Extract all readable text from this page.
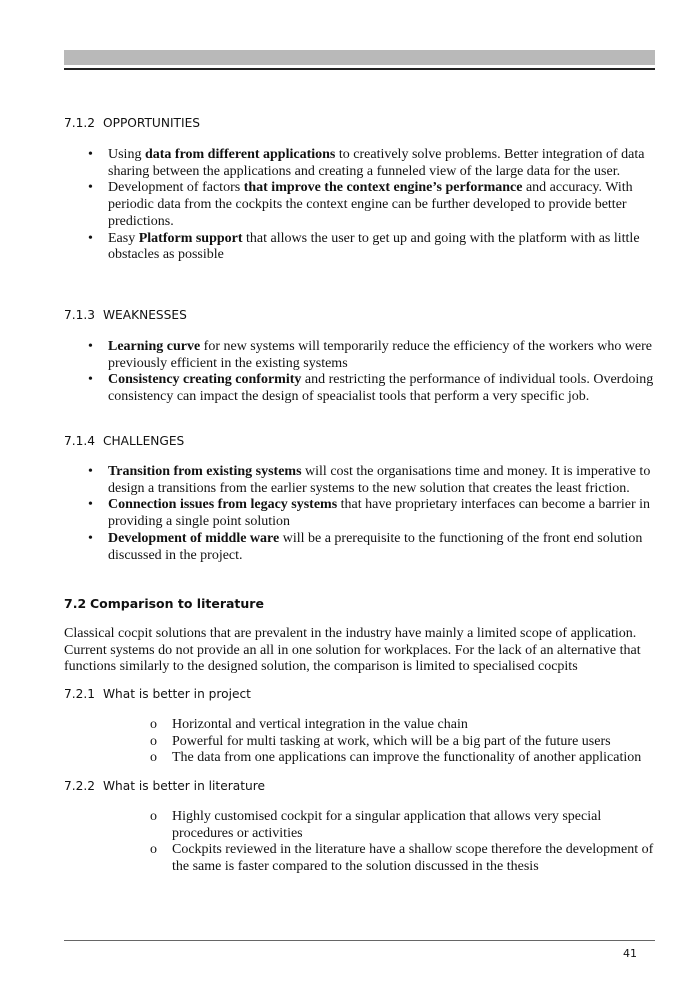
7.1.2 OPPORTUNITIES
• Using data from different applications to creatively solve problems. Better integration of data sharing between the applications and creating a funneled view of the large data for the user.
• Development of factors that improve the context engine’s performance and accuracy. With periodic data from the cockpits the context engine can be further developed to provide better predictions.
• Easy Platform support that allows the user to get up and going with the platform with as little obstacles as possible
7.1.3 WEAKNESSES
• Learning curve for new systems will temporarily reduce the efficiency of the workers who were previously efficient in the existing systems
• Consistency creating conformity and restricting the performance of individual tools. Overdoing consistency can impact the design of speacialist tools that perform a very specific job.
7.1.4 CHALLENGES
• Transition from existing systems will cost the organisations time and money. It is imperative to design a transitions from the earlier systems to the new solution that creates the least friction.
• Connection issues from legacy systems that have proprietary interfaces can become a barrier in providing a single point solution
• Development of middle ware will be a prerequisite to the functioning of the front end solution discussed in the project.
7.2 Comparison to literature

Classical cocpit solutions that are prevalent in the industry have mainly a limited scope of application. Current systems do not provide an all in one solution for workplaces. For the lack of an alternative that functions similarly to the designed solution, the comparison is limited to specialised cocpits

7.2.1 What is better in project
o Horizontal and vertical integration in the value chain
o Powerful for multi tasking at work, which will be a big part of the future users
o The data from one applications can improve the functionality of another application
7.2.2 What is better in literature
o Highly customised cockpit for a singular application that allows very special procedures or activities
o Cockpits reviewed in the literature have a shallow scope therefore the development of the same is faster compared to the solution discussed in the thesis
41
